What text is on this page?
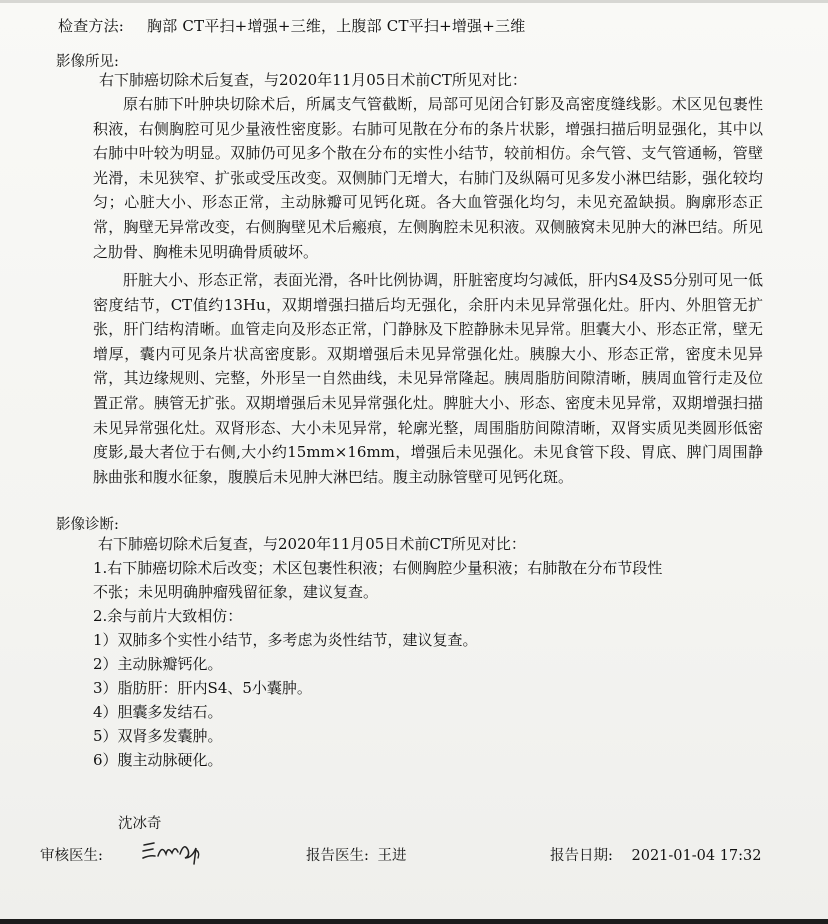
检查方法: 胸部 CT平扫+增强+三维，上腹部 CT平扫+增强+三维
影像所见:

右下肺癌切除术后复查，与2020年11月05日术前CT所见对比：

原右肺下叶肿块切除术后，所属支气管截断，局部可见闭合钉影及高密度缝线影。术区见包裹性积液，右侧胸腔可见少量液性密度影。右肺可见散在分布的条片状影，增强扫描后明显强化，其中以右肺中叶较为明显。双肺仍可见多个散在分布的实性小结节，较前相仿。余气管、支气管通畅，管壁光滑，未见狭窄、扩张或受压改变。双侧肺门无增大，右肺门及纵隔可见多发小淋巴结影，强化较均匀；心脏大小、形态正常，主动脉瓣可见钙化斑。各大血管强化均匀，未见充盈缺损。胸廓形态正常，胸壁无异常改变，右侧胸壁见术后瘢痕，左侧胸腔未见积液。双侧腋窝未见肿大的淋巴结。所见之肋骨、胸椎未见明确骨质破坏。

肝脏大小、形态正常，表面光滑，各叶比例协调，肝脏密度均匀减低，肝内S4及S5分别可见一低密度结节，CT值约13Hu，双期增强扫描后均无强化，余肝内未见异常强化灶。肝内、外胆管无扩张，肝门结构清晰。血管走向及形态正常，门静脉及下腔静脉未见异常。胆囊大小、形态正常，壁无增厚，囊内可见条片状高密度影。双期增强后未见异常强化灶。胰腺大小、形态正常，密度未见异常，其边缘规则、完整，外形呈一自然曲线，未见异常隆起。胰周脂肪间隙清晰，胰周血管行走及位置正常。胰管无扩张。双期增强后未见异常强化灶。脾脏大小、形态、密度未见异常，双期增强扫描未见异常强化灶。双肾形态、大小未见异常，轮廓光整，周围脂肪间隙清晰，双肾实质见类圆形低密度影,最大者位于右侧,大小约15mm×16mm，增强后未见强化。未见食管下段、胃底、脾门周围静脉曲张和腹水征象，腹膜后未见肿大淋巴结。腹主动脉管壁可见钙化斑。

影像诊断:

右下肺癌切除术后复查，与2020年11月05日术前CT所见对比：

1.右下肺癌切除术后改变；术区包裹性积液；右侧胸腔少量积液；右肺散在分布节段性

不张；未见明确肿瘤残留征象，建议复查。

2.余与前片大致相仿：

1）双肺多个实性小结节，多考虑为炎性结节，建议复查。

2）主动脉瓣钙化。

3）脂肪肝：肝内S4、5小囊肿。

4）胆囊多发结石。

5）双肾多发囊肿。

6）腹主动脉硬化。

沈冰奇
审核医生:	报告医生: 王进	报告日期: 2021-01-04 17:32
